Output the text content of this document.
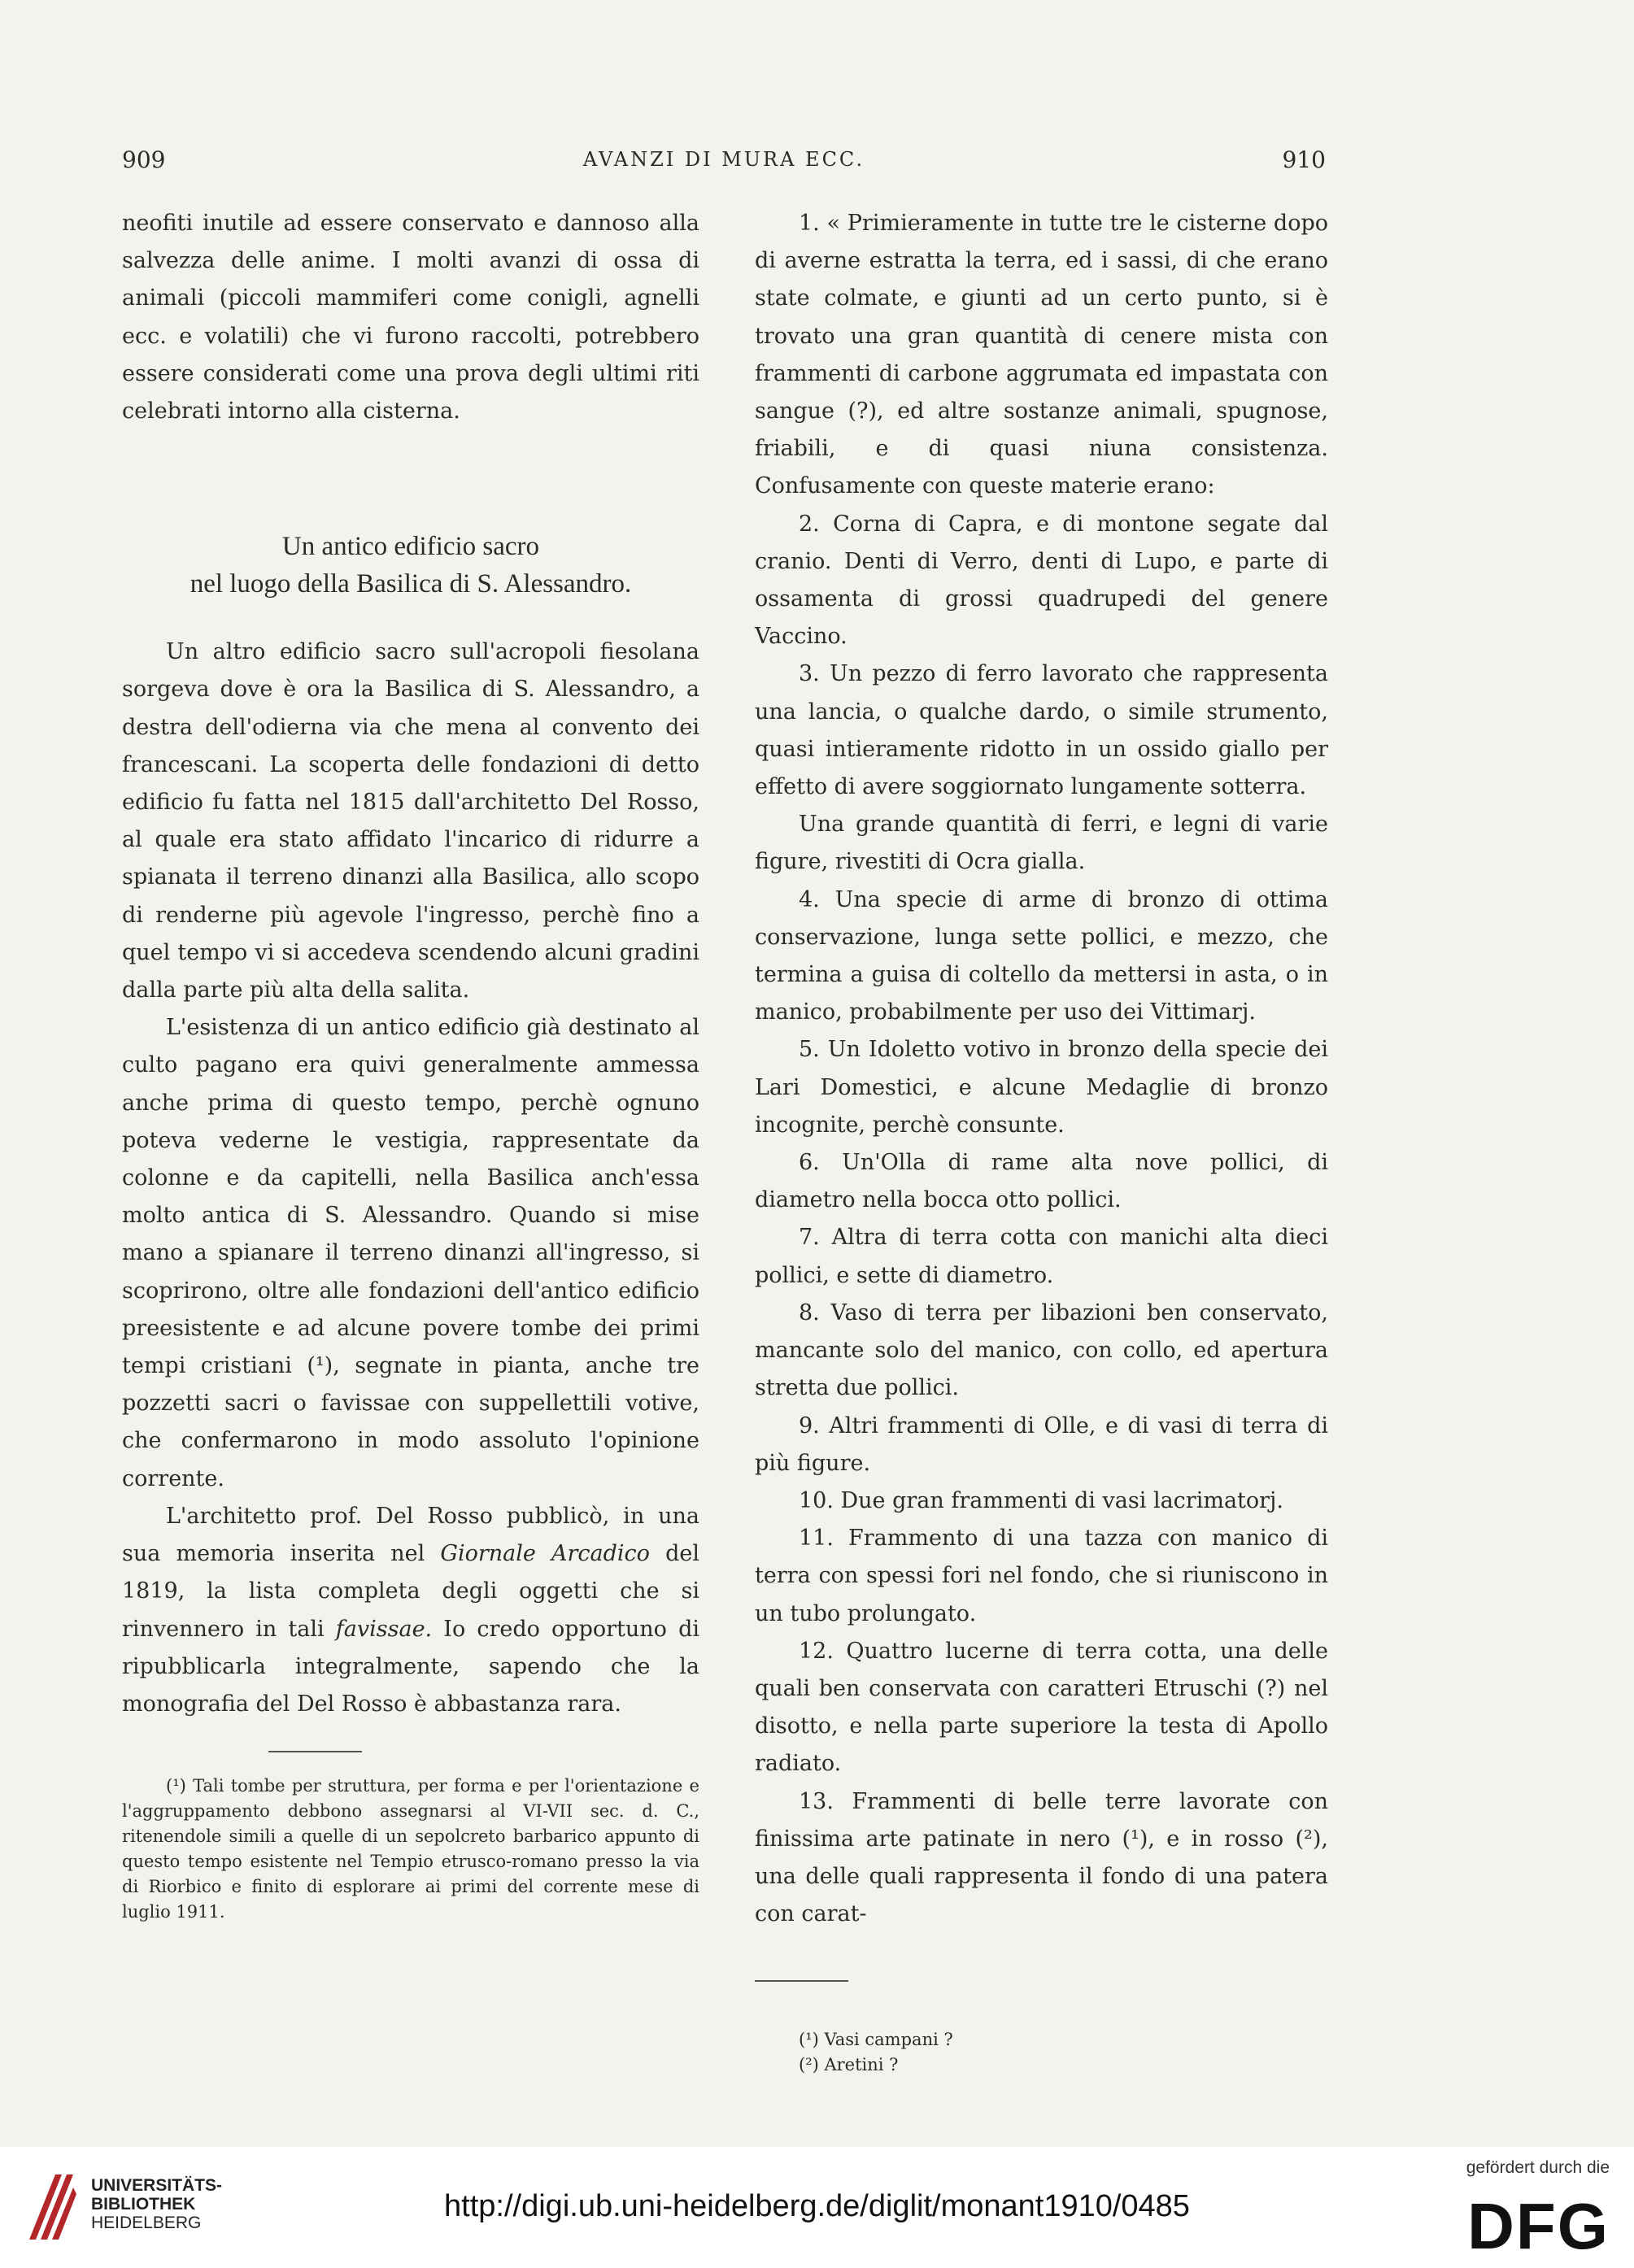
909	AVANZI DI MURA ECC.	910

neofiti inutile ad essere conservato e dannoso alla salvezza delle anime. I molti avanzi di ossa di animali (piccoli mammiferi come conigli, agnelli ecc. e volatili) che vi furono raccolti, potrebbero essere considerati come una prova degli ultimi riti celebrati intorno alla cisterna.

Un antico edificio sacro

nel luogo della Basilica di S. Alessandro.

Un altro edificio sacro sull'acropoli fiesolana sorgeva dove è ora la Basilica di S. Alessandro, a destra dell'odierna via che mena al convento dei francescani. La scoperta delle fondazioni di detto edificio fu fatta nel 1815 dall'architetto Del Rosso, al quale era stato affidato l'incarico di ridurre a spianata il terreno dinanzi alla Basilica, allo scopo di renderne più agevole l'ingresso, perchè fino a quel tempo vi si accedeva scendendo alcuni gradini dalla parte più alta della salita.

L'esistenza di un antico edificio già destinato al culto pagano era quivi generalmente ammessa anche prima di questo tempo, perchè ognuno poteva vederne le vestigia, rappresentate da colonne e da capitelli, nella Basilica anch'essa molto antica di S. Alessandro. Quando si mise mano a spianare il terreno dinanzi all'ingresso, si scoprirono, oltre alle fondazioni dell'antico edificio preesistente e ad alcune povere tombe dei primi tempi cristiani (¹), segnate in pianta, anche tre pozzetti sacri o favissae con suppellettili votive, che confermarono in modo assoluto l'opinione corrente.

L'architetto prof. Del Rosso pubblicò, in una sua memoria inserita nel Giornale Arcadico del 1819, la lista completa degli oggetti che si rinvennero in tali favissae. Io credo opportuno di ripubblicarla integralmente, sapendo che la monografia del Del Rosso è abbastanza rara.

(¹) Tali tombe per struttura, per forma e per l'orientazione e l'aggruppamento debbono assegnarsi al VI-VII sec. d. C., ritenendole simili a quelle di un sepolcreto barbarico appunto di questo tempo esistente nel Tempio etrusco-romano presso la via di Riorbico e finito di esplorare ai primi del corrente mese di luglio 1911.

1. « Primieramente in tutte tre le cisterne dopo di averne estratta la terra, ed i sassi, di che erano state colmate, e giunti ad un certo punto, si è trovato una gran quantità di cenere mista con frammenti di carbone aggrumata ed impastata con sangue (?), ed altre sostanze animali, spugnose, friabili, e di quasi niuna consistenza. Confusamente con queste materie erano:

2. Corna di Capra, e di montone segate dal cranio. Denti di Verro, denti di Lupo, e parte di ossamenta di grossi quadrupedi del genere Vaccino.

3. Un pezzo di ferro lavorato che rappresenta una lancia, o qualche dardo, o simile strumento, quasi intieramente ridotto in un ossido giallo per effetto di avere soggiornato lungamente sotterra.

Una grande quantità di ferri, e legni di varie figure, rivestiti di Ocra gialla.

4. Una specie di arme di bronzo di ottima conservazione, lunga sette pollici, e mezzo, che termina a guisa di coltello da mettersi in asta, o in manico, probabilmente per uso dei Vittimarj.

5. Un Idoletto votivo in bronzo della specie dei Lari Domestici, e alcune Medaglie di bronzo incognite, perchè consunte.

6. Un'Olla di rame alta nove pollici, di diametro nella bocca otto pollici.

7. Altra di terra cotta con manichi alta dieci pollici, e sette di diametro.

8. Vaso di terra per libazioni ben conservato, mancante solo del manico, con collo, ed apertura stretta due pollici.

9. Altri frammenti di Olle, e di vasi di terra di più figure.

10. Due gran frammenti di vasi lacrimatorj.

11. Frammento di una tazza con manico di terra con spessi fori nel fondo, che si riuniscono in un tubo prolungato.

12. Quattro lucerne di terra cotta, una delle quali ben conservata con caratteri Etruschi (?) nel disotto, e nella parte superiore la testa di Apollo radiato.

13. Frammenti di belle terre lavorate con finissima arte patinate in nero (¹), e in rosso (²), una delle quali rappresenta il fondo di una patera con carat-

(¹) Vasi campani ?

(²) Aretini ?

UNIVERSITÄTS-
BIBLIOTHEK
HEIDELBERG	http://digi.ub.uni-heidelberg.de/diglit/monant1910/0485
gefördert durch die
DFG
